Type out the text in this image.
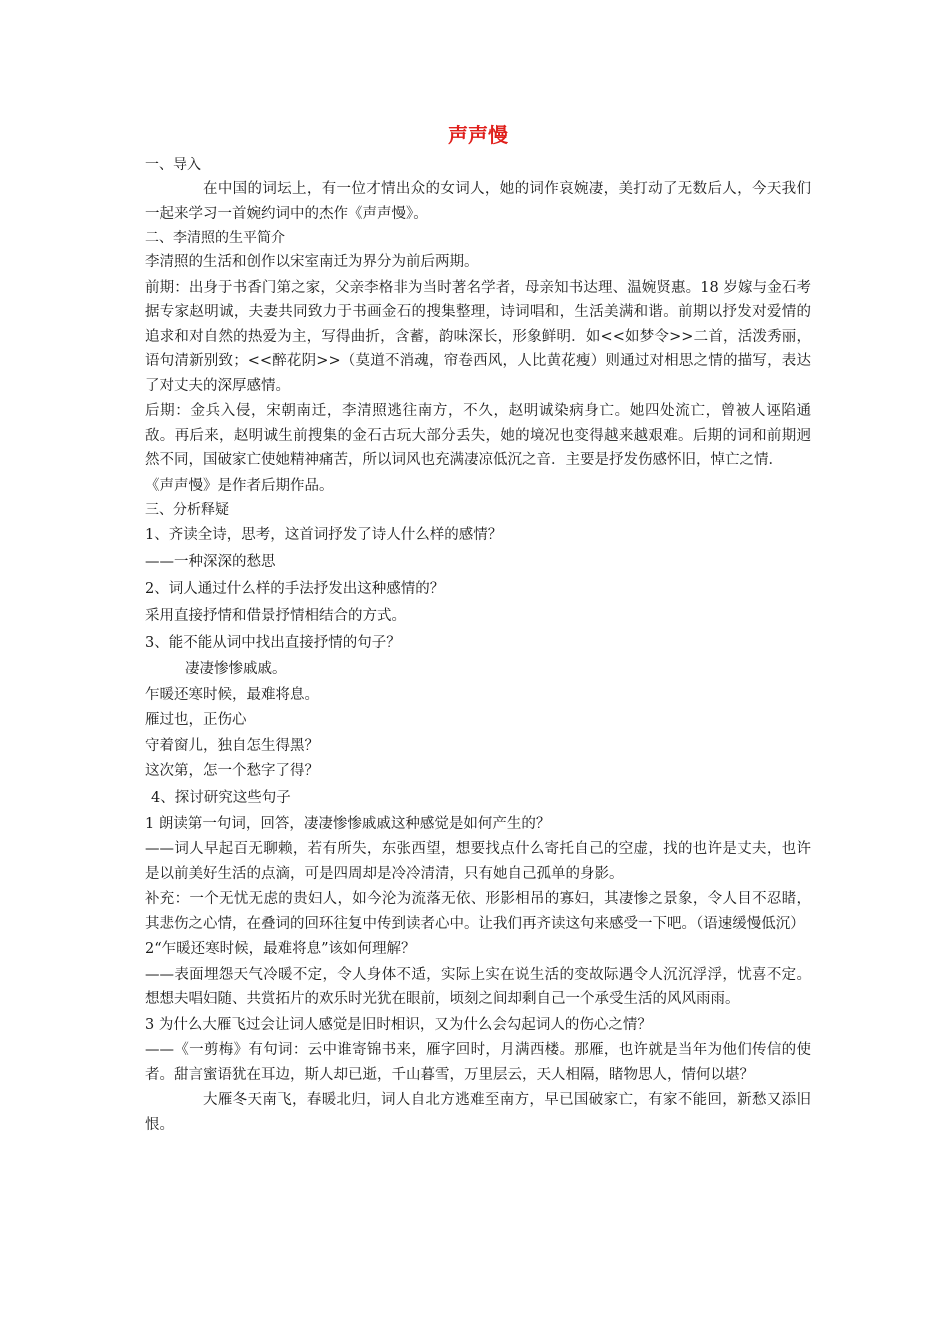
声声慢

一、导入

在中国的词坛上，有一位才情出众的女词人，她的词作哀婉凄，美打动了无数后人，今天我们一起来学习一首婉约词中的杰作《声声慢》。

二、李清照的生平简介

李清照的生活和创作以宋室南迁为界分为前后两期。

前期：出身于书香门第之家，父亲李格非为当时著名学者，母亲知书达理、温婉贤惠。18 岁嫁与金石考据专家赵明诚，夫妻共同致力于书画金石的搜集整理，诗词唱和，生活美满和谐。前期以抒发对爱情的追求和对自然的热爱为主，写得曲折，含蓄，韵味深长，形象鲜明．如<<如梦令>>二首，活泼秀丽，语句清新别致；<<醉花阴>>（莫道不消魂，帘卷西风，人比黄花瘦）则通过对相思之情的描写，表达了对丈夫的深厚感情。

后期：金兵入侵，宋朝南迁，李清照逃往南方，不久，赵明诚染病身亡。她四处流亡，曾被人诬陷通敌。再后来，赵明诚生前搜集的金石古玩大部分丢失，她的境况也变得越来越艰难。后期的词和前期迥然不同，国破家亡使她精神痛苦，所以词风也充满凄凉低沉之音．主要是抒发伤感怀旧，悼亡之情．

《声声慢》是作者后期作品。

三、分析释疑

1、齐读全诗，思考，这首词抒发了诗人什么样的感情？

——一种深深的愁思

2、词人通过什么样的手法抒发出这种感情的？

采用直接抒情和借景抒情相结合的方式。

3、能不能从词中找出直接抒情的句子？

凄凄惨惨戚戚。

乍暖还寒时候，最难将息。

雁过也，正伤心

守着窗儿，独自怎生得黑？

这次第，怎一个愁字了得？

4、探讨研究这些句子

1 朗读第一句词，回答，凄凄惨惨戚戚这种感觉是如何产生的？

——词人早起百无聊赖，若有所失，东张西望，想要找点什么寄托自己的空虚，找的也许是丈夫，也许是以前美好生活的点滴，可是四周却是冷冷清清，只有她自己孤单的身影。

补充：一个无忧无虑的贵妇人，如今沦为流落无依、形影相吊的寡妇，其凄惨之景象，令人目不忍睹，其悲伤之心情，在叠词的回环往复中传到读者心中。让我们再齐读这句来感受一下吧。（语速缓慢低沉）

2“乍暖还寒时候，最难将息”该如何理解？

——表面埋怨天气冷暖不定，令人身体不适，实际上实在说生活的变故际遇令人沉沉浮浮，忧喜不定。想想夫唱妇随、共赏拓片的欢乐时光犹在眼前，顷刻之间却剩自己一个承受生活的风风雨雨。

3 为什么大雁飞过会让词人感觉是旧时相识，又为什么会勾起词人的伤心之情？

——《一剪梅》有句词：云中谁寄锦书来，雁字回时，月满西楼。那雁，也许就是当年为他们传信的使者。甜言蜜语犹在耳边，斯人却已逝，千山暮雪，万里层云，天人相隔，睹物思人，情何以堪？

大雁冬天南飞，春暖北归，词人自北方逃难至南方，早已国破家亡，有家不能回，新愁又添旧恨。
